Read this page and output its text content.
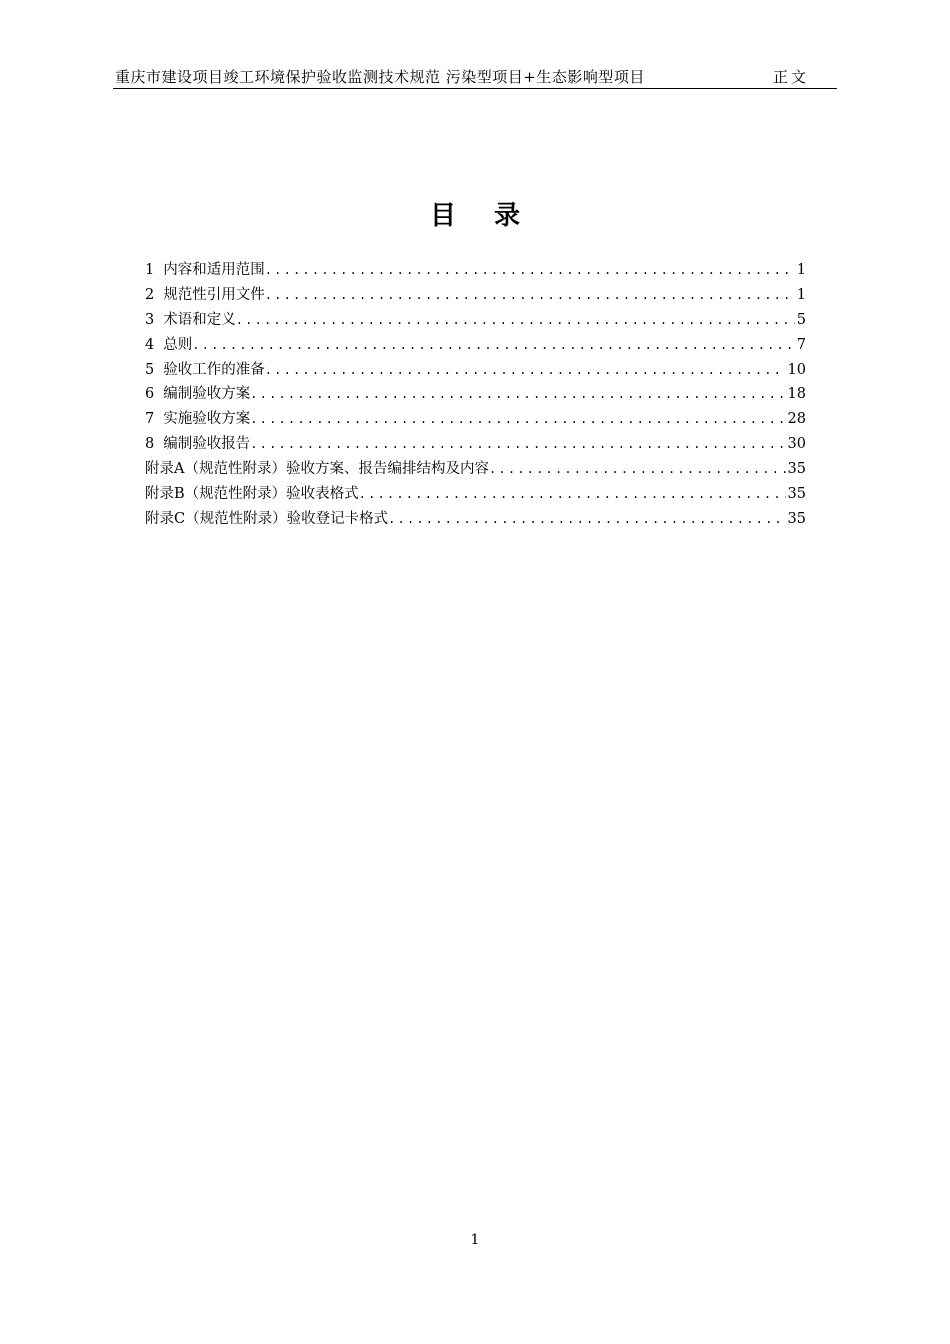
重庆市建设项目竣工环境保护验收监测技术规范 污染型项目+生态影响型项目	正文
目录
1 内容和适用范围 .....	1
2 规范性引用文件 .....	1
3 术语和定义 .....	5
4 总则 .....	7
5 验收工作的准备 .....	10
6 编制验收方案 .....	18
7 实施验收方案 .....	28
8 编制验收报告 .....	30
附录A（规范性附录）验收方案、报告编排结构及内容 .....	35
附录B（规范性附录）验收表格式 .....	35
附录C（规范性附录）验收登记卡格式 .....	35
1
